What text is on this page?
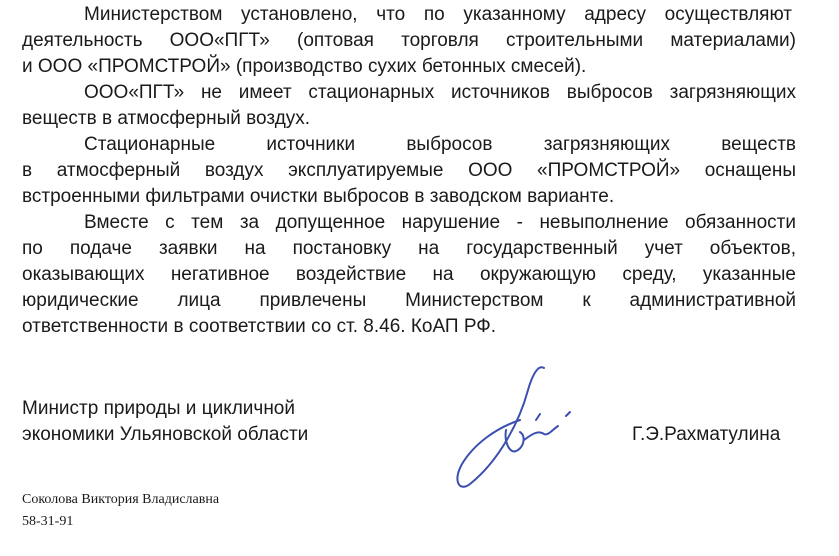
Министерством установлено, что по указанному адресу осуществляют
деятельность ООО«ПГТ» (оптовая торговля строительными материалами)
и ООО «ПРОМСТРОЙ» (производство сухих бетонных смесей).
ООО«ПГТ» не имеет стационарных источников выбросов загрязняющих
веществ в атмосферный воздух.
Стационарные источники выбросов загрязняющих веществ
в атмосферный воздух эксплуатируемые ООО «ПРОМСТРОЙ» оснащены
встроенными фильтрами очистки выбросов в заводском варианте.
Вместе с тем за допущенное нарушение - невыполнение обязанности
по подаче заявки на постановку на государственный учет объектов,
оказывающих негативное воздействие на окружающую среду, указанные
юридические лица привлечены Министерством к административной
ответственности в соответствии со ст. 8.46. КоАП РФ.
Министр природы и цикличной
экономики Ульяновской области	Г.Э.Рахматулина
Соколова Виктория Владиславна
58-31-91
